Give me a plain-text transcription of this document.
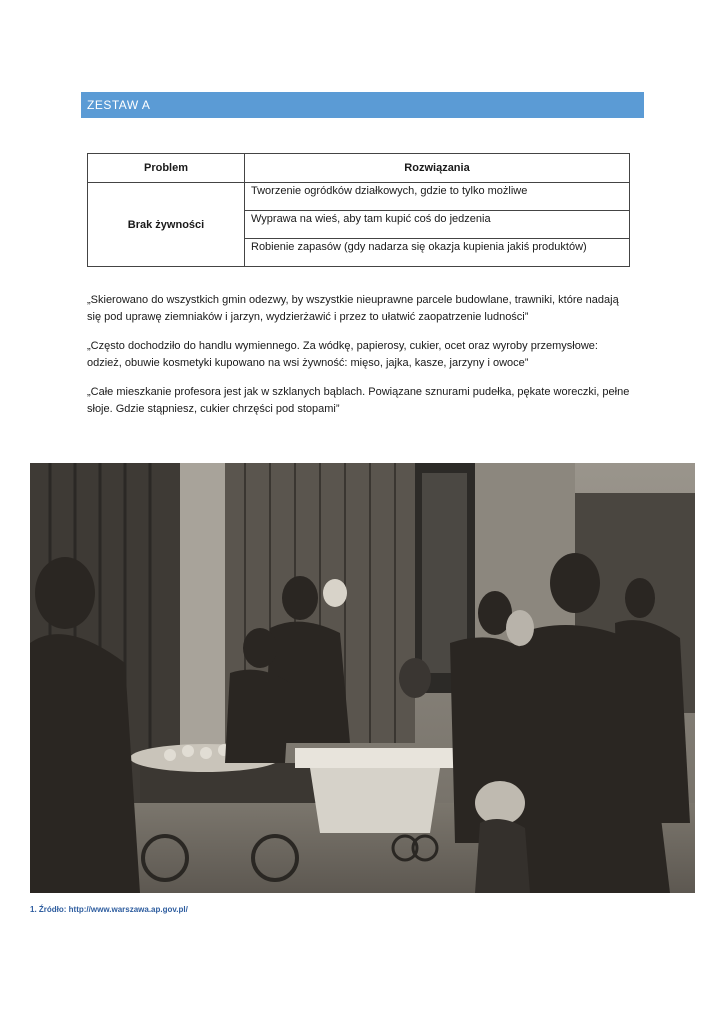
ZESTAW A
Problem	Rozwiązania
Brak żywności	Tworzenie ogródków działkowych, gdzie to tylko możliwe
	Wyprawa na wieś, aby tam kupić coś do jedzenia
	Robienie zapasów (gdy nadarza się okazja kupienia jakiś produktów)

„Skierowano do wszystkich gmin odezwy, by wszystkie nieuprawne parcele budowlane, trawniki, które nadają się pod uprawę ziemniaków i jarzyn, wydzierżawić i przez to ułatwić zaopatrzenie ludności”

„Często dochodziło do handlu wymiennego. Za wódkę, papierosy, cukier, ocet oraz wyroby przemysłowe: odzież, obuwie kosmetyki kupowano na wsi żywność: mięso, jajka, kasze, jarzyny i owoce”

„Całe mieszkanie profesora jest jak w szklanych bąblach. Powiązane sznurami pudełka, pękate woreczki, pełne słoje. Gdzie stąpniesz, cukier chrzęści pod stopami”

1. Źródło: http://www.warszawa.ap.gov.pl/
